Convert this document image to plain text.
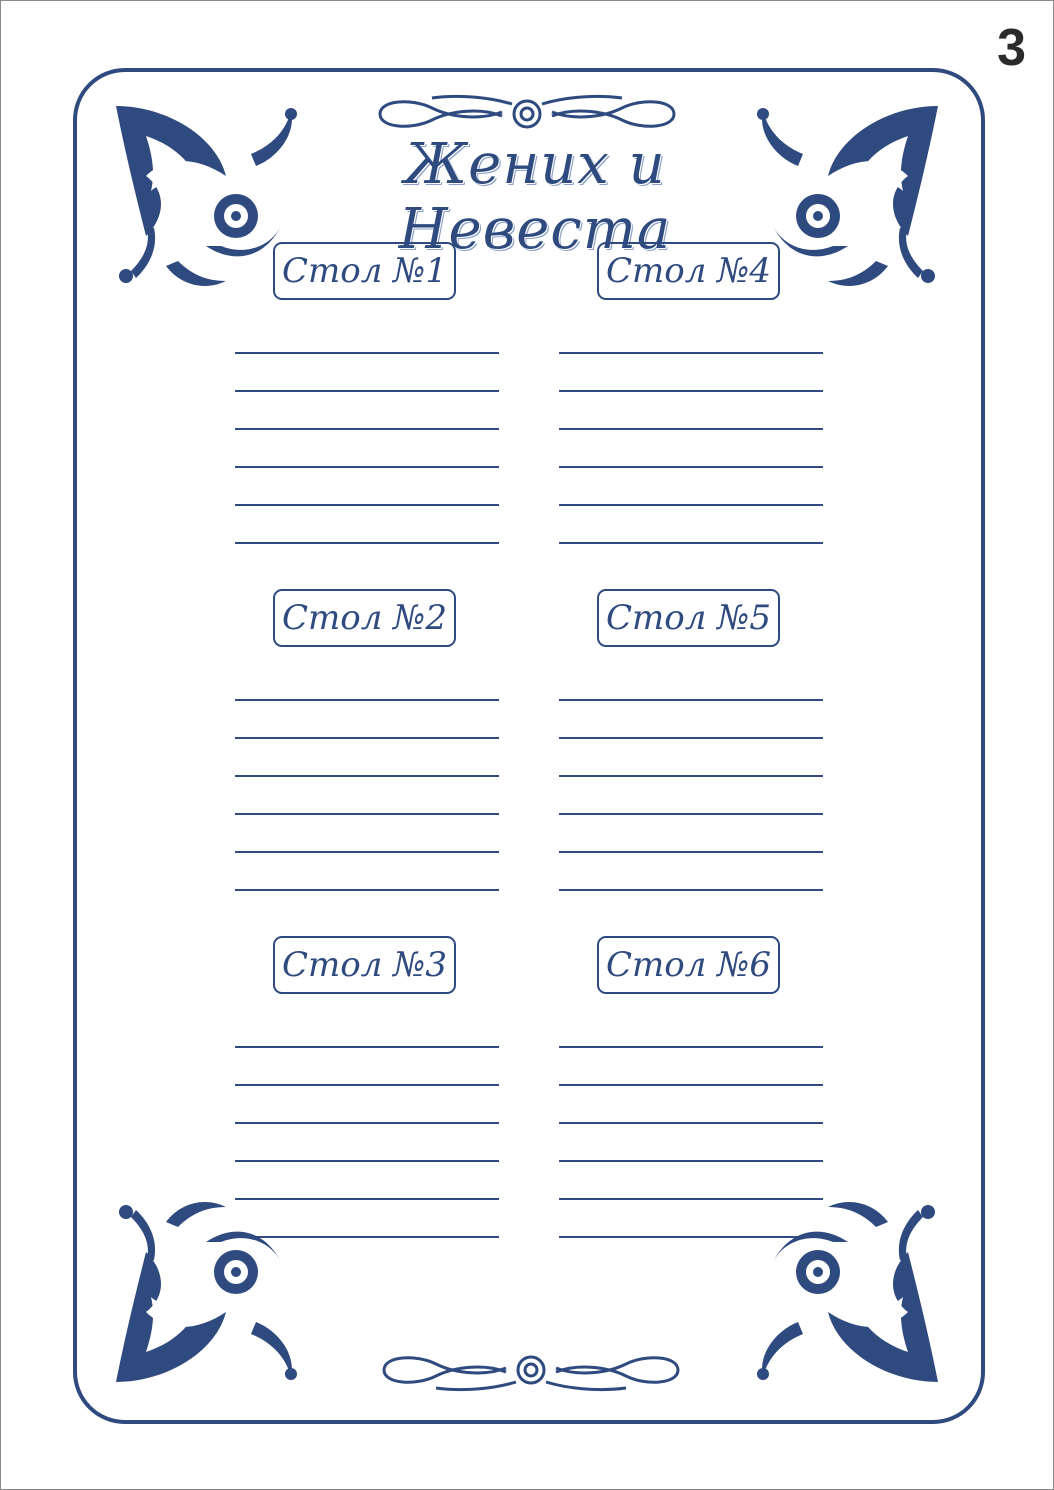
3
Жених и Невеста
Стол №1
Стол №2
Стол №3
Стол №4
Стол №5
Стол №6
